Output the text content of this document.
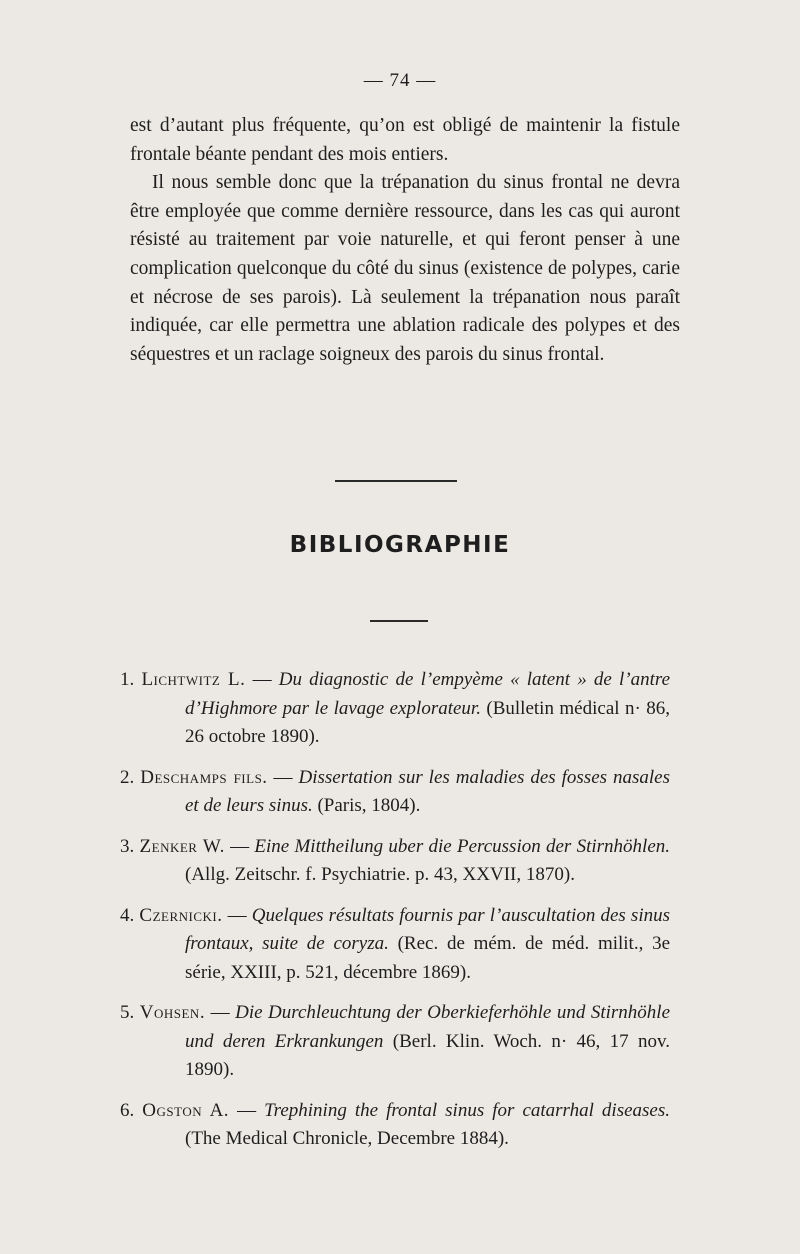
— 74 —

est d’autant plus fréquente, qu’on est obligé de maintenir la fistule frontale béante pendant des mois entiers.

Il nous semble donc que la trépanation du sinus frontal ne devra être employée que comme dernière ressource, dans les cas qui auront résisté au traitement par voie naturelle, et qui feront penser à une complication quelconque du côté du sinus (existence de polypes, carie et nécrose de ses parois). Là seulement la trépanation nous paraît indiquée, car elle permettra une ablation radicale des polypes et des séquestres et un raclage soigneux des parois du sinus frontal.

BIBLIOGRAPHIE
1. Lichtwitz L. — Du diagnostic de l’empyème « latent » de l’antre d’Highmore par le lavage explorateur. (Bulletin médical n· 86, 26 octobre 1890).
2. Deschamps fils. — Dissertation sur les maladies des fosses nasales et de leurs sinus. (Paris, 1804).
3. Zenker W. — Eine Mittheilung uber die Percussion der Stirnhöhlen. (Allg. Zeitschr. f. Psychiatrie. p. 43, XXVII, 1870).
4. Czernicki. — Quelques résultats fournis par l’auscultation des sinus frontaux, suite de coryza. (Rec. de mém. de méd. milit., 3e série, XXIII, p. 521, décembre 1869).
5. Vohsen. — Die Durchleuchtung der Oberkieferhöhle und Stirnhöhle und deren Erkrankungen (Berl. Klin. Woch. n· 46, 17 nov. 1890).
6. Ogston A. — Trephining the frontal sinus for catarrhal diseases. (The Medical Chronicle, Decembre 1884).
